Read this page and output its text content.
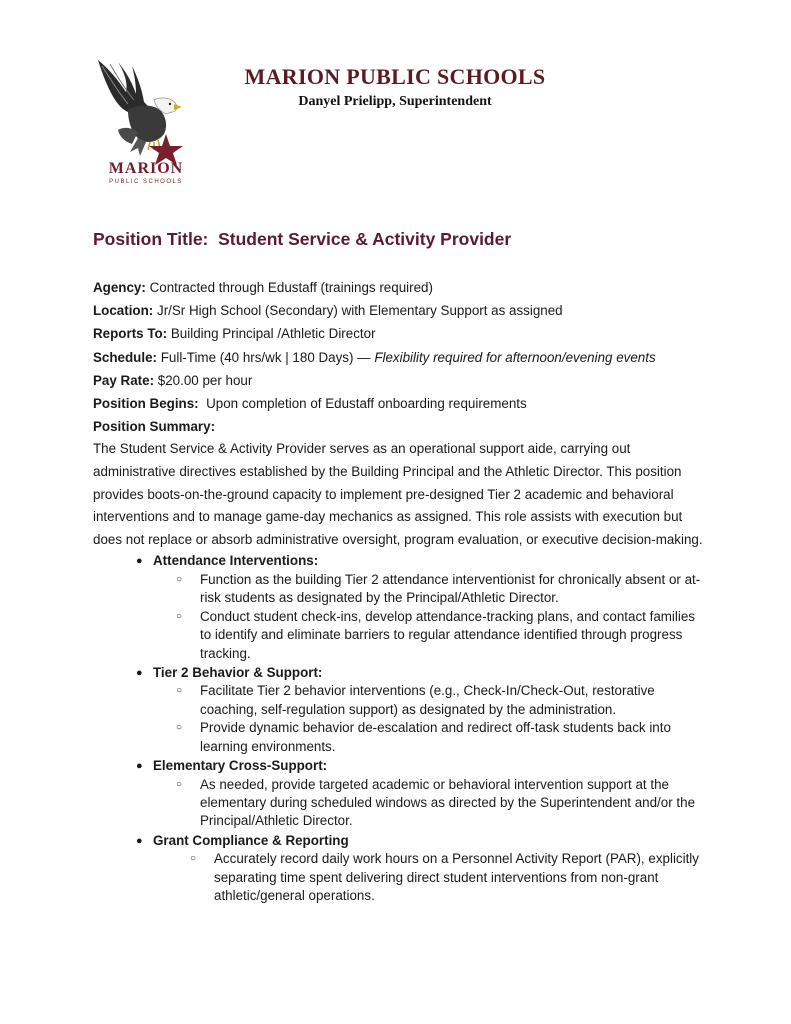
MARION
PUBLIC SCHOOLS
MARION PUBLIC SCHOOLS
Danyel Prielipp, Superintendent
Position Title: Student Service & Activity Provider

Agency: Contracted through Edustaff (trainings required)

Location: Jr/Sr High School (Secondary) with Elementary Support as assigned

Reports To: Building Principal /Athletic Director

Schedule: Full-Time (40 hrs/wk | 180 Days) — Flexibility required for afternoon/evening events

Pay Rate: $20.00 per hour

Position Begins: Upon completion of Edustaff onboarding requirements

Position Summary:

The Student Service & Activity Provider serves as an operational support aide, carrying out administrative directives established by the Building Principal and the Athletic Director. This position provides boots-on-the-ground capacity to implement pre-designed Tier 2 academic and behavioral interventions and to manage game-day mechanics as assigned. This role assists with execution but does not replace or absorb administrative oversight, program evaluation, or executive decision-making.

● Attendance Interventions:
○ Function as the building Tier 2 attendance interventionist for chronically absent or at-risk students as designated by the Principal/Athletic Director.
○ Conduct student check-ins, develop attendance-tracking plans, and contact families to identify and eliminate barriers to regular attendance identified through progress tracking.
● Tier 2 Behavior & Support:
○ Facilitate Tier 2 behavior interventions (e.g., Check-In/Check-Out, restorative coaching, self-regulation support) as designated by the administration.
○ Provide dynamic behavior de-escalation and redirect off-task students back into learning environments.
● Elementary Cross-Support:
○ As needed, provide targeted academic or behavioral intervention support at the elementary during scheduled windows as directed by the Superintendent and/or the Principal/Athletic Director.
● Grant Compliance & Reporting
○ Accurately record daily work hours on a Personnel Activity Report (PAR), explicitly separating time spent delivering direct student interventions from non-grant athletic/general operations.
